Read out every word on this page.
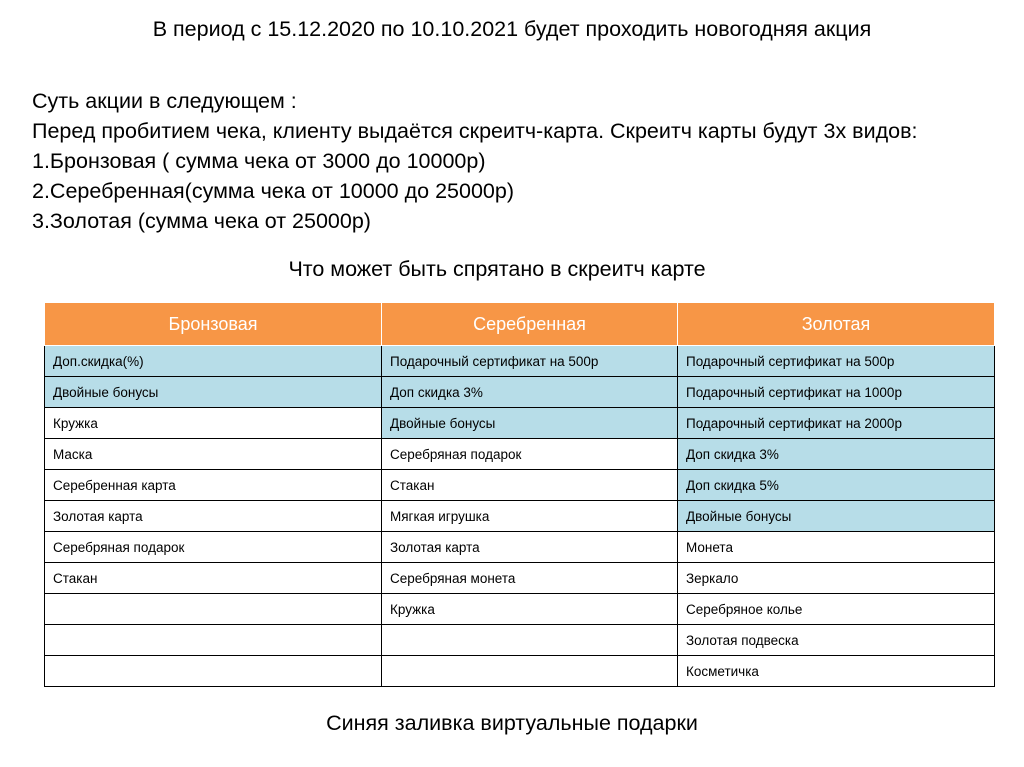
В период с 15.12.2020 по 10.10.2021 будет проходить новогодняя акция
Суть акции в следующем :
Перед пробитием чека, клиенту выдаётся скреитч-карта. Скреитч карты будут 3х видов:
1.Бронзовая ( сумма чека от 3000 до 10000р)
2.Серебренная(сумма чека от 10000 до 25000р)
3.Золотая (сумма чека от 25000р)
Что может быть спрятано в скреитч карте
Бронзовая	Серебренная	Золотая
Доп.скидка(%)	Подарочный сертификат на 500р	Подарочный сертификат на 500р
Двойные бонусы	Доп скидка 3%	Подарочный сертификат на 1000р
Кружка	Двойные бонусы	Подарочный сертификат на 2000р
Маска	Серебряная подарок	Доп скидка 3%
Серебренная карта	Стакан	Доп скидка 5%
Золотая карта	Мягкая игрушка	Двойные бонусы
Серебряная подарок	Золотая карта	Монета
Стакан	Серебряная монета	Зеркало
	Кружка	Серебряное колье
		Золотая подвеска
		Косметичка
Синяя заливка виртуальные подарки
